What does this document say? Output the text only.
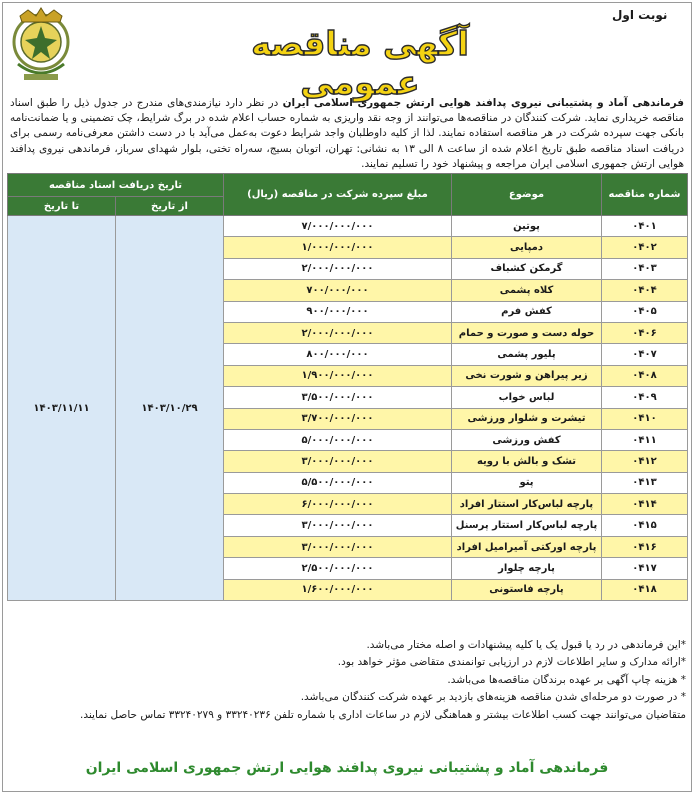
نوبت اول
آگهی مناقصه عمومی
فرماندهی آماد و پشتیبانی نیروی پدافند هوایی ارتش جمهوری اسلامی ایران در نظر دارد نیازمندی‌های مندرج در جدول ذیل را طبق اسناد مناقصه خریداری نماید. شرکت کنندگان در مناقصه‌ها می‌توانند از وجه نقد واریزی به شماره حساب اعلام شده در برگ شرایط، چک تضمینی و یا ضمانت‌نامه بانکی جهت سپرده شرکت در هر مناقصه استفاده نمایند. لذا از کلیه داوطلبان واجد شرایط دعوت به‌عمل می‌آید با در دست داشتن معرفی‌نامه رسمی برای دریافت اسناد مناقصه طبق تاریخ اعلام شده از ساعت ۸ الی ۱۳ به نشانی: تهران، اتوبان بسیج، سه‌راه تختی، بلوار شهدای سرباز، فرماندهی نیروی پدافند هوایی ارتش جمهوری اسلامی ایران مراجعه و پیشنهاد خود را تسلیم نمایند.
شماره مناقصه	موضوع	مبلغ سپرده شرکت در مناقصه (ریال)	تاریخ دریافت اسناد مناقصه	
			از تاریخ	تا تاریخ
۰۴۰۱	پوتین	۷/۰۰۰/۰۰۰/۰۰۰	۱۴۰۳/۱۰/۲۹	۱۴۰۳/۱۱/۱۱
۰۴۰۲	دمپایی	۱/۰۰۰/۰۰۰/۰۰۰		
۰۴۰۳	گرمکن کشباف	۲/۰۰۰/۰۰۰/۰۰۰		
۰۴۰۴	کلاه پشمی	۷۰۰/۰۰۰/۰۰۰		
۰۴۰۵	کفش فرم	۹۰۰/۰۰۰/۰۰۰		
۰۴۰۶	حوله دست و صورت و حمام	۲/۰۰۰/۰۰۰/۰۰۰		
۰۴۰۷	پلیور پشمی	۸۰۰/۰۰۰/۰۰۰		
۰۴۰۸	زیر پیراهن و شورت نخی	۱/۹۰۰/۰۰۰/۰۰۰		
۰۴۰۹	لباس خواب	۳/۵۰۰/۰۰۰/۰۰۰		
۰۴۱۰	تیشرت و شلوار ورزشی	۳/۷۰۰/۰۰۰/۰۰۰		
۰۴۱۱	کفش ورزشی	۵/۰۰۰/۰۰۰/۰۰۰		
۰۴۱۲	تشک و بالش با رویه	۳/۰۰۰/۰۰۰/۰۰۰		
۰۴۱۳	پتو	۵/۵۰۰/۰۰۰/۰۰۰		
۰۴۱۴	پارچه لباس‌کار استتار افراد	۶/۰۰۰/۰۰۰/۰۰۰		
۰۴۱۵	پارچه لباس‌کار استتار پرسنل	۳/۰۰۰/۰۰۰/۰۰۰		
۰۴۱۶	پارچه اورکتی آمیرامیل افراد	۳/۰۰۰/۰۰۰/۰۰۰		
۰۴۱۷	پارچه چلوار	۲/۵۰۰/۰۰۰/۰۰۰		
۰۴۱۸	پارچه فاستونی	۱/۶۰۰/۰۰۰/۰۰۰		
*این فرماندهی در رد یا قبول یک یا کلیه پیشنهادات و اصله مختار می‌باشد.
*ارائه مدارک و سایر اطلاعات لازم در ارزیابی توانمندی متقاضی مؤثر خواهد بود.
* هزینه چاپ آگهی بر عهده برندگان مناقصه‌ها می‌باشد.
* در صورت دو مرحله‌ای شدن مناقصه هزینه‌های بازدید بر عهده شرکت کنندگان می‌باشد.
متقاضیان می‌توانند جهت کسب اطلاعات بیشتر و هماهنگی لازم در ساعات اداری با شماره تلفن ۳۳۲۴۰۲۳۶ و ۳۳۲۴۰۲۷۹ تماس حاصل نمایند.
فرماندهی آماد و پشتیبانی نیروی پدافند هوایی ارتش جمهوری اسلامی ایران
